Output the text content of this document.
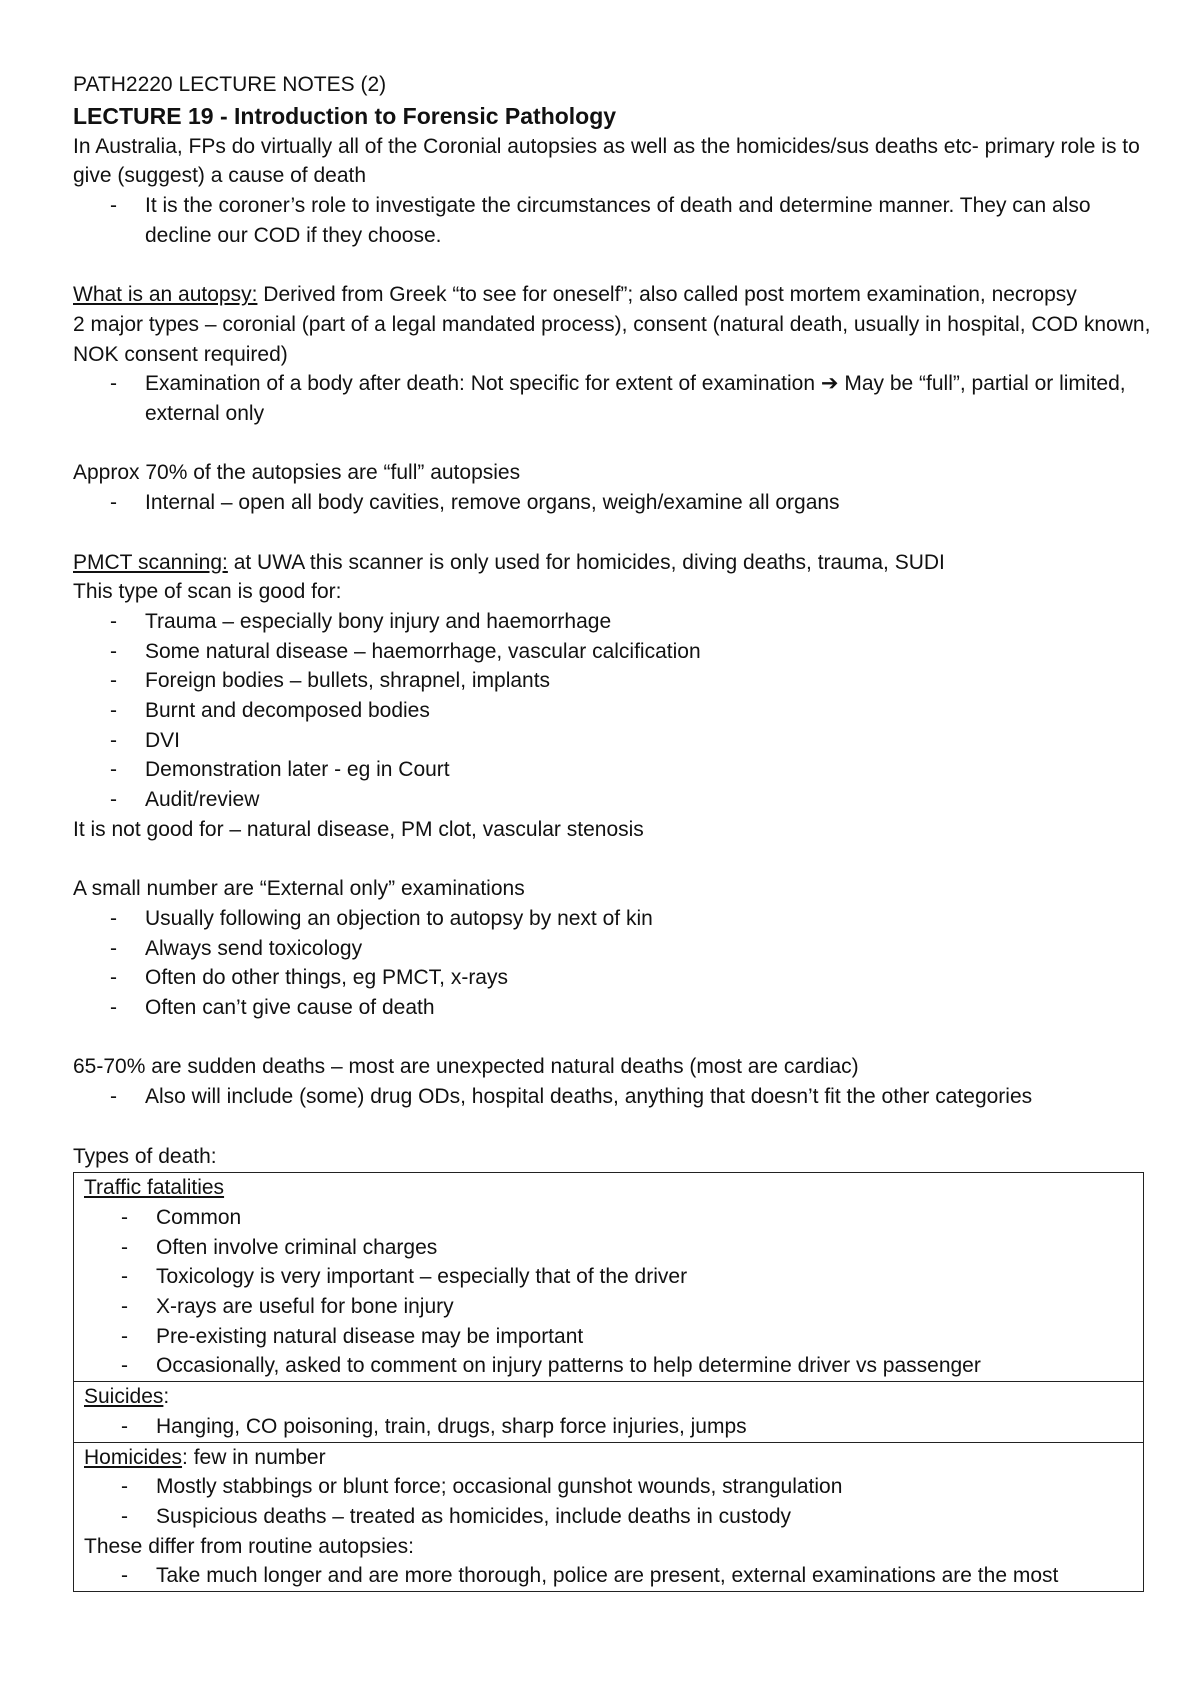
PATH2220 LECTURE NOTES (2)
LECTURE 19 - Introduction to Forensic Pathology
In Australia, FPs do virtually all of the Coronial autopsies as well as the homicides/sus deaths etc- primary role is to give (suggest) a cause of death
- It is the coroner’s role to investigate the circumstances of death and determine manner. They can also decline our COD if they choose.
What is an autopsy: Derived from Greek “to see for oneself”; also called post mortem examination, necropsy
2 major types – coronial (part of a legal mandated process), consent (natural death, usually in hospital, COD known, NOK consent required)
- Examination of a body after death: Not specific for extent of examination ➔ May be “full”, partial or limited, external only
Approx 70% of the autopsies are “full” autopsies
- Internal – open all body cavities, remove organs, weigh/examine all organs
PMCT scanning: at UWA this scanner is only used for homicides, diving deaths, trauma, SUDI
This type of scan is good for:
- Trauma – especially bony injury and haemorrhage
- Some natural disease – haemorrhage, vascular calcification
- Foreign bodies – bullets, shrapnel, implants
- Burnt and decomposed bodies
- DVI
- Demonstration later - eg in Court
- Audit/review
It is not good for – natural disease, PM clot, vascular stenosis
A small number are “External only” examinations
- Usually following an objection to autopsy by next of kin
- Always send toxicology
- Often do other things, eg PMCT, x-rays
- Often can’t give cause of death
65-70% are sudden deaths – most are unexpected natural deaths (most are cardiac)
- Also will include (some) drug ODs, hospital deaths, anything that doesn’t fit the other categories
Types of death:
Traffic fatalities
- Common
- Often involve criminal charges
- Toxicology is very important – especially that of the driver
- X-rays are useful for bone injury
- Pre-existing natural disease may be important
- Occasionally, asked to comment on injury patterns to help determine driver vs passenger
Suicides:
- Hanging, CO poisoning, train, drugs, sharp force injuries, jumps
Homicides: few in number
- Mostly stabbings or blunt force; occasional gunshot wounds, strangulation
- Suspicious deaths – treated as homicides, include deaths in custody
These differ from routine autopsies:
- Take much longer and are more thorough, police are present, external examinations are the most
